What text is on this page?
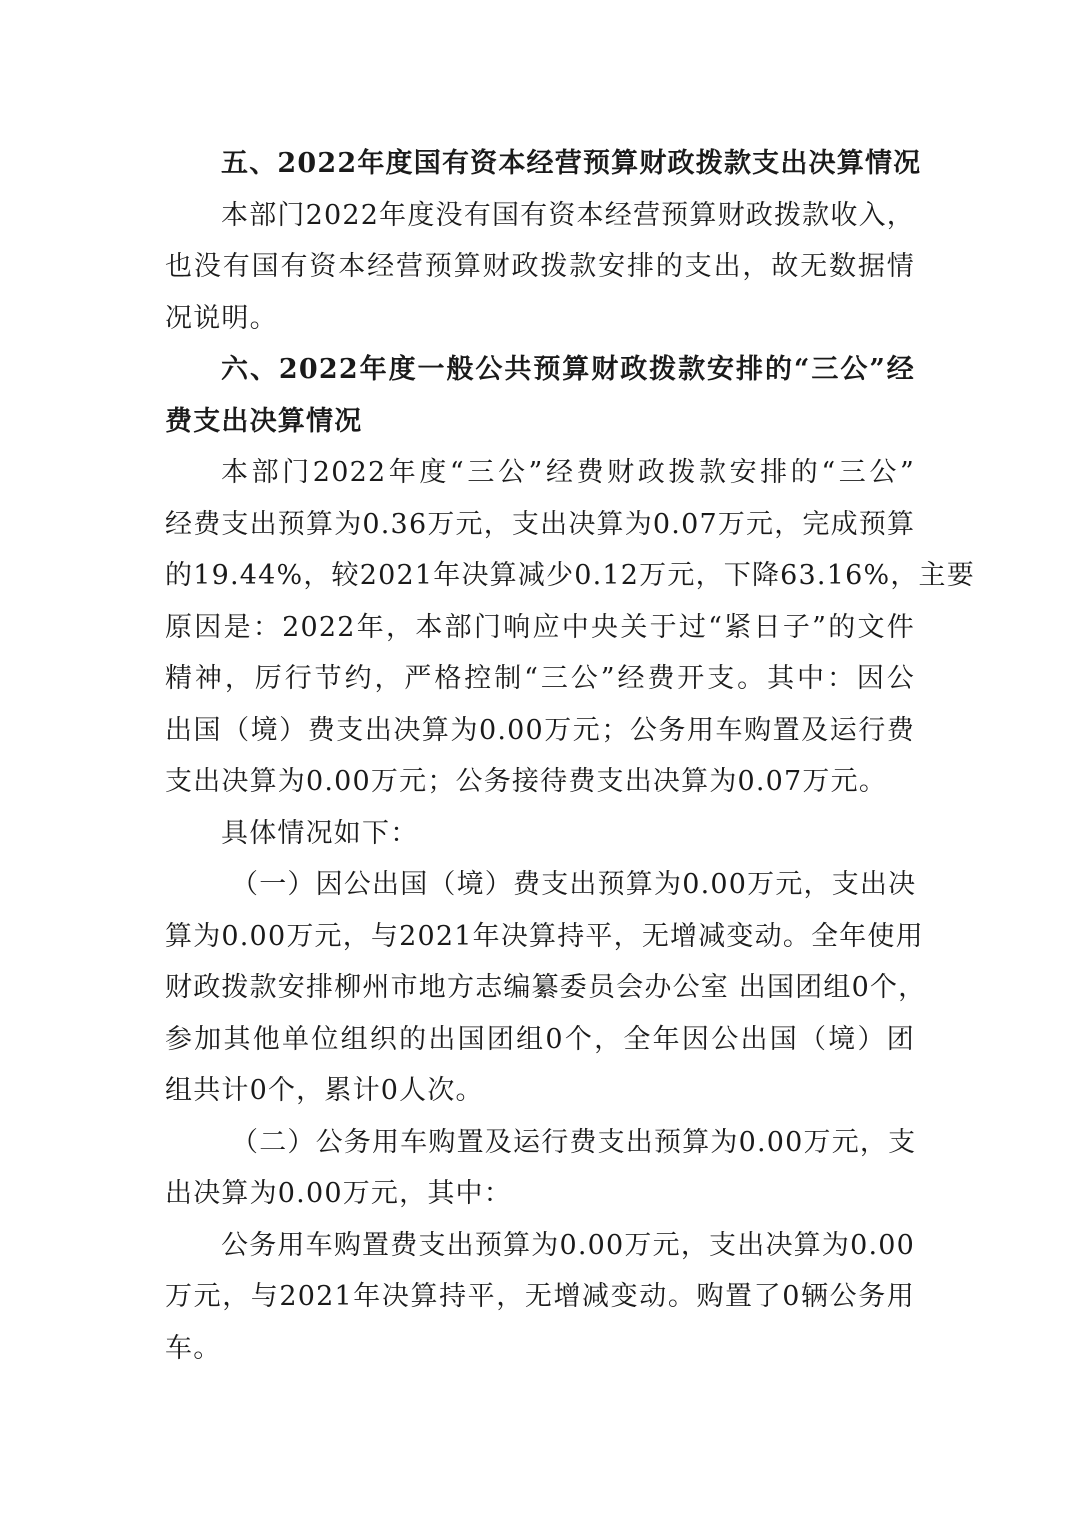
五、2022年度国有资本经营预算财政拨款支出决算情况
本部门2022年度没有国有资本经营预算财政拨款收入，
也没有国有资本经营预算财政拨款安排的支出，故无数据情
况说明。
六、2022年度一般公共预算财政拨款安排的“三公”经
费支出决算情况
本部门2022年度“三公”经费财政拨款安排的“三公”
经费支出预算为0.36万元，支出决算为0.07万元，完成预算
的19.44%，较2021年决算减少0.12万元，下降63.16%，主要
原因是：2022年，本部门响应中央关于过“紧日子”的文件
精神，厉行节约，严格控制“三公”经费开支。其中：因公
出国（境）费支出决算为0.00万元；公务用车购置及运行费
支出决算为0.00万元；公务接待费支出决算为0.07万元。
具体情况如下：
（一）因公出国（境）费支出预算为0.00万元，支出决
算为0.00万元，与2021年决算持平，无增减变动。全年使用
财政拨款安排柳州市地方志编纂委员会办公室 出国团组0个，
参加其他单位组织的出国团组0个，全年因公出国（境）团
组共计0个，累计0人次。
（二）公务用车购置及运行费支出预算为0.00万元，支
出决算为0.00万元，其中：
公务用车购置费支出预算为0.00万元，支出决算为0.00
万元，与2021年决算持平，无增减变动。购置了0辆公务用
车。
